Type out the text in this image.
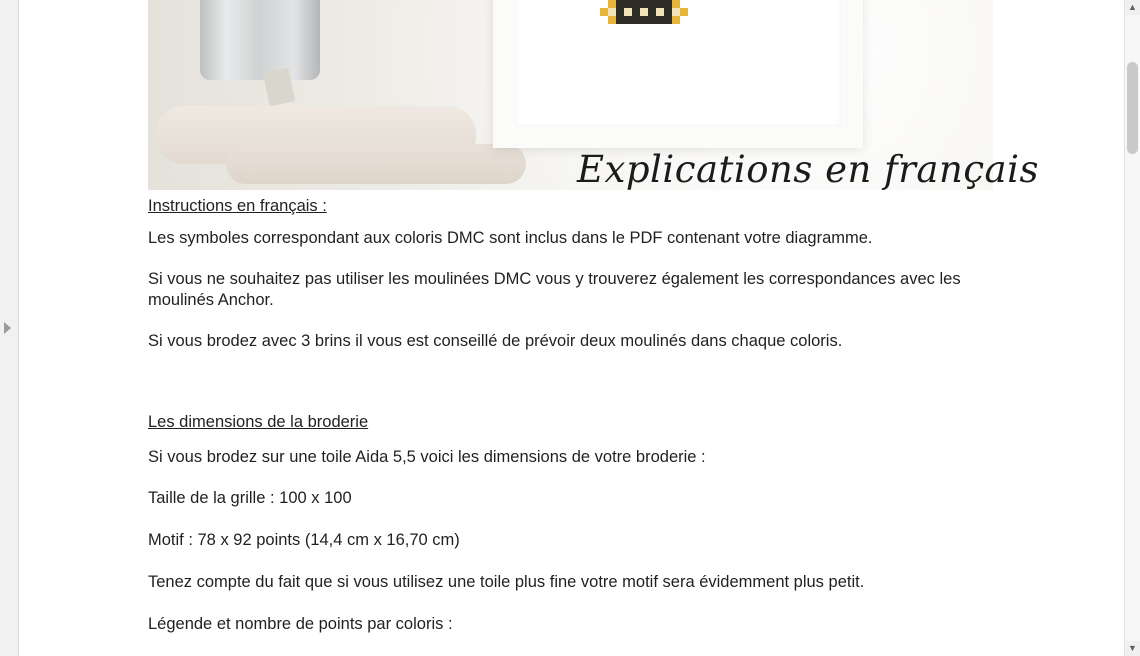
Explications en français

Instructions en français :

Les symboles correspondant aux coloris DMC sont inclus dans le PDF contenant votre diagramme.

Si vous ne souhaitez pas utiliser les moulinées DMC vous y trouverez également les correspondances avec les moulinés Anchor.

Si vous brodez avec 3 brins il vous est conseillé de prévoir deux moulinés dans chaque coloris.

Les dimensions de la broderie

Si vous brodez sur une toile Aida 5,5 voici les dimensions de votre broderie :

Taille de la grille : 100 x 100

Motif : 78 x 92 points (14,4 cm x 16,70 cm)

Tenez compte du fait que si vous utilisez une toile plus fine votre motif sera évidemment plus petit.

Légende et nombre de points par coloris :

▲
▼
